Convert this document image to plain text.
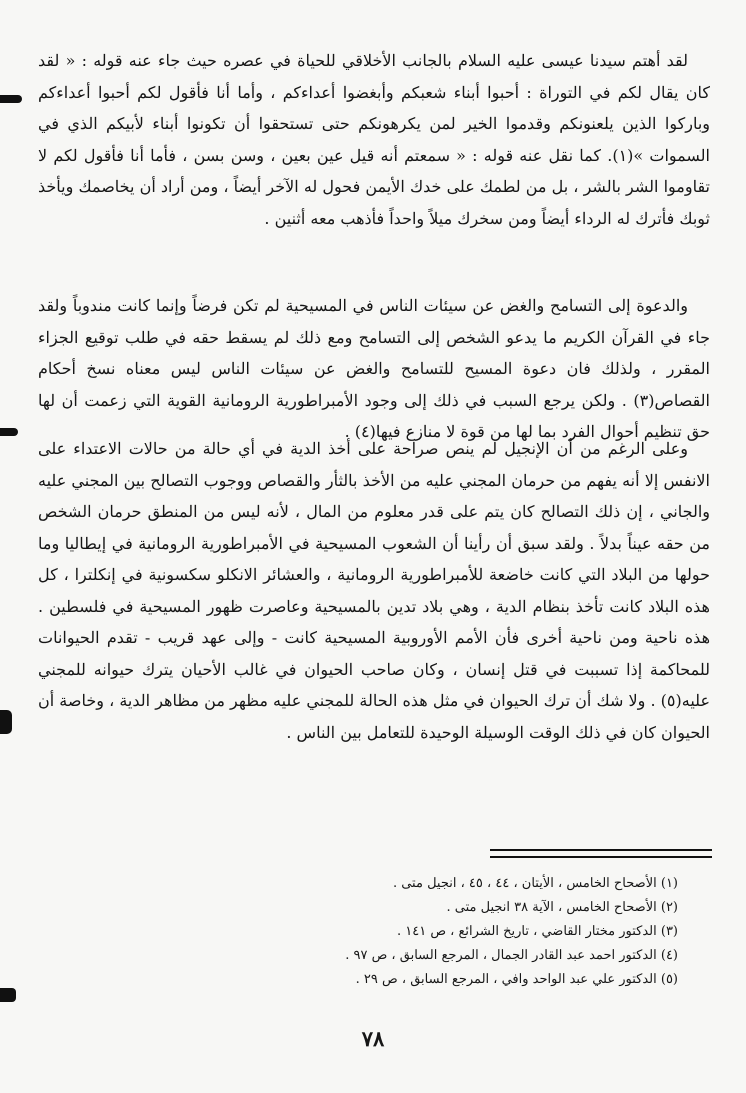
لقد أهتم سيدنا عيسى عليه السلام بالجانب الأخلاقي للحياة في عصره حيث جاء عنه قوله : « لقد كان يقال لكم في التوراة : أحبوا أبناء شعبكم وأبغضوا أعداءكم ، وأما أنا فأقول لكم أحبوا أعداءكم وباركوا الذين يلعنونكم وقدموا الخير لمن يكرهونكم حتى تستحقوا أن تكونوا أبناء لأبيكم الذي في السموات »(١). كما نقل عنه قوله : « سمعتم أنه قيل عين بعين ، وسن بسن ، فأما أنا فأقول لكم لا تقاوموا الشر بالشر ، بل من لطمك على خدك الأيمن فحول له الآخر أيضاً ، ومن أراد أن يخاصمك ويأخذ ثوبك فأترك له الرداء أيضاً ومن سخرك ميلاً واحداً فأذهب معه أثنين .

والدعوة إلى التسامح والغض عن سيئات الناس في المسيحية لم تكن فرضاً وإنما كانت مندوباً ولقد جاء في القرآن الكريم ما يدعو الشخص إلى التسامح ومع ذلك لم يسقط حقه في طلب توقيع الجزاء المقرر ، ولذلك فان دعوة المسيح للتسامح والغض عن سيئات الناس ليس معناه نسخ أحكام القصاص(٣) . ولكن يرجع السبب في ذلك إلى وجود الأمبراطورية الرومانية القوية التي زعمت أن لها حق تنظيم أحوال الفرد بما لها من قوة لا منازع فيها(٤) .

وعلى الرغم من أن الإنجيل لم ينص صراحة على أخذ الدية في أي حالة من حالات الاعتداء على الانفس إلا أنه يفهم من حرمان المجني عليه من الأخذ بالثأر والقصاص ووجوب التصالح بين المجني عليه والجاني ، إن ذلك التصالح كان يتم على قدر معلوم من المال ، لأنه ليس من المنطق حرمان الشخص من حقه عيناً بدلاً . ولقد سبق أن رأينا أن الشعوب المسيحية في الأمبراطورية الرومانية في إيطاليا وما حولها من البلاد التي كانت خاضعة للأمبراطورية الرومانية ، والعشائر الانكلو سكسونية في إنكلترا ، كل هذه البلاد كانت تأخذ بنظام الدية ، وهي بلاد تدين بالمسيحية وعاصرت ظهور المسيحية في فلسطين . هذه ناحية ومن ناحية أخرى فأن الأمم الأوروبية المسيحية كانت - وإلى عهد قريب - تقدم الحيوانات للمحاكمة إذا تسببت في قتل إنسان ، وكان صاحب الحيوان في غالب الأحيان يترك حيوانه للمجني عليه(٥) . ولا شك أن ترك الحيوان في مثل هذه الحالة للمجني عليه مظهر من مظاهر الدية ، وخاصة أن الحيوان كان في ذلك الوقت الوسيلة الوحيدة للتعامل بين الناس .

(١) الأصحاح الخامس ، الأيتان ، ٤٤ ، ٤٥ ، انجيل متى .
(٢) الأصحاح الخامس ، الآية ٣٨ انجيل متى .
(٣) الدكتور مختار القاضي ، تاريخ الشرائع ، ص ١٤١ .
(٤) الدكتور احمد عبد القادر الجمال ، المرجع السابق ، ص ٩٧ .
(٥) الدكتور علي عبد الواحد وافي ، المرجع السابق ، ص ٢٩ .
٧٨
